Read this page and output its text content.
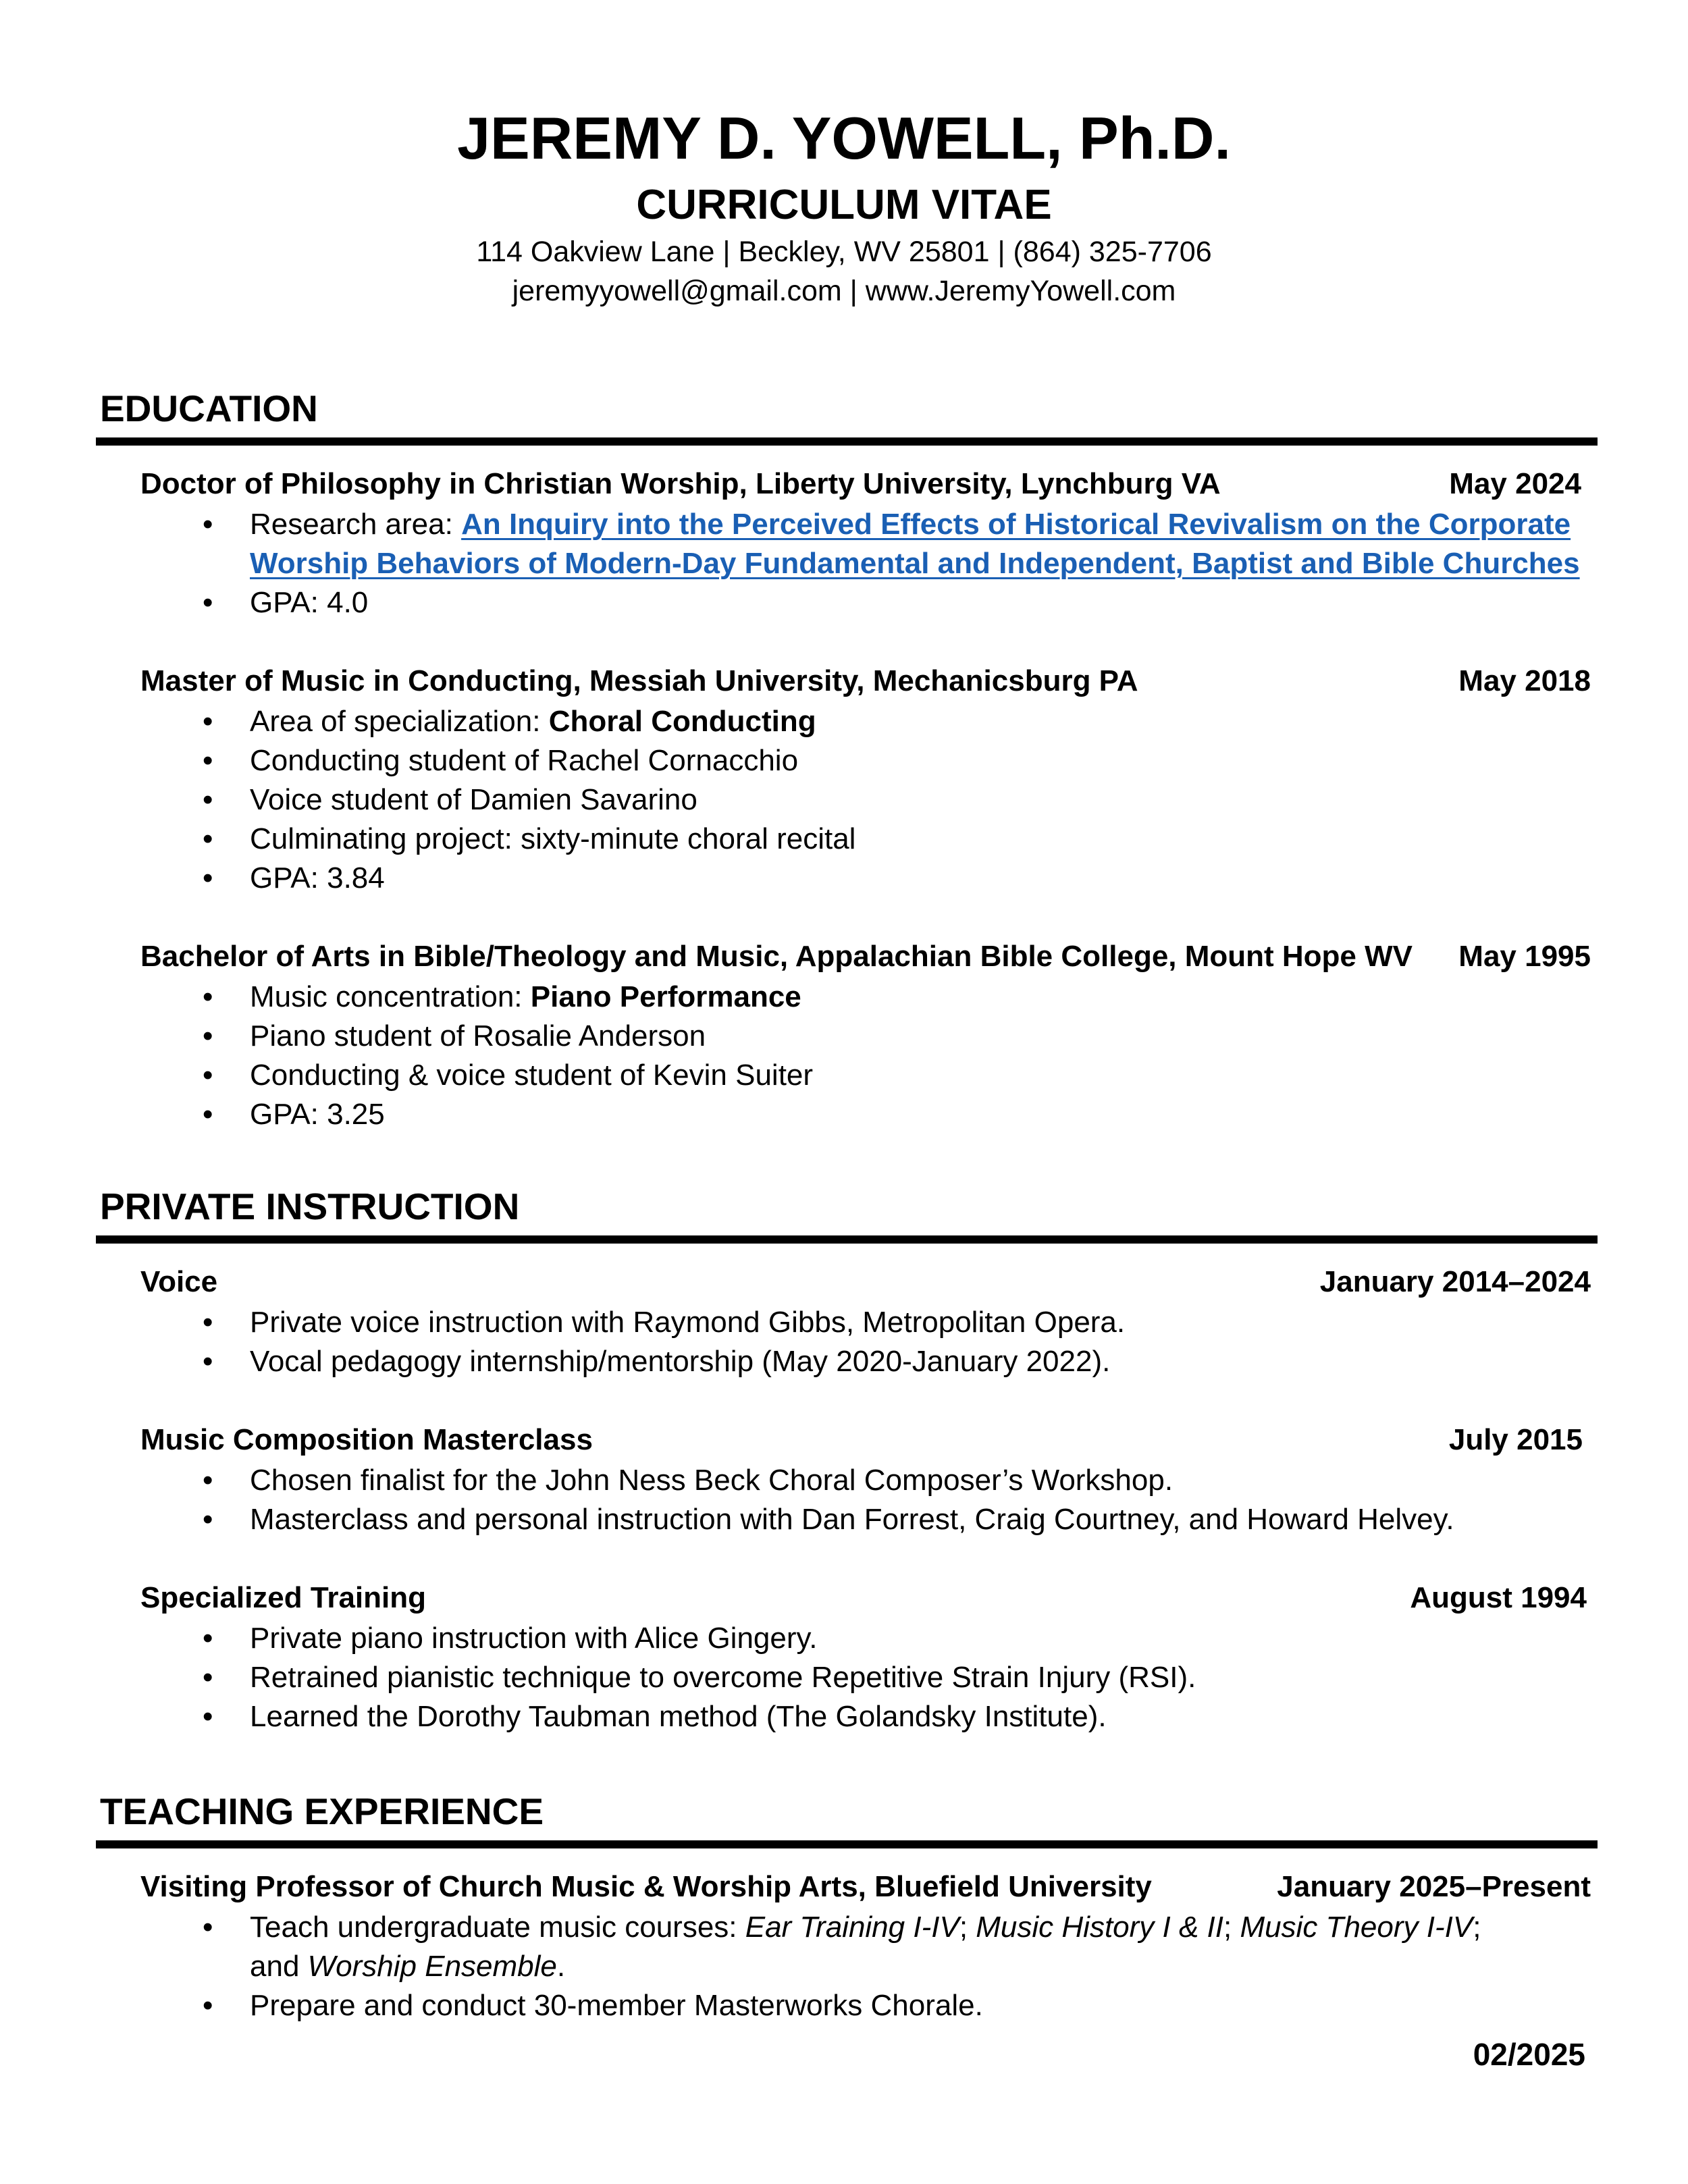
JEREMY D. YOWELL, Ph.D.
CURRICULUM VITAE
114 Oakview Lane | Beckley, WV 25801 | (864) 325-7706
jeremyyowell@gmail.com | www.JeremyYowell.com
EDUCATION
Doctor of Philosophy in Christian Worship, Liberty University, Lynchburg VA	May 2024
• Research area: An Inquiry into the Perceived Effects of Historical Revivalism on the Corporate
Worship Behaviors of Modern-Day Fundamental and Independent, Baptist and Bible Churches
• GPA: 4.0
Master of Music in Conducting, Messiah University, Mechanicsburg PA	May 2018
• Area of specialization: Choral Conducting
• Conducting student of Rachel Cornacchio
• Voice student of Damien Savarino
• Culminating project: sixty-minute choral recital
• GPA: 3.84
Bachelor of Arts in Bible/Theology and Music, Appalachian Bible College, Mount Hope WV May 1995
• Music concentration: Piano Performance
• Piano student of Rosalie Anderson
• Conducting & voice student of Kevin Suiter
• GPA: 3.25
PRIVATE INSTRUCTION
Voice	January 2014–2024
• Private voice instruction with Raymond Gibbs, Metropolitan Opera.
• Vocal pedagogy internship/mentorship (May 2020-January 2022).
Music Composition Masterclass	July 2015
• Chosen finalist for the John Ness Beck Choral Composer’s Workshop.
• Masterclass and personal instruction with Dan Forrest, Craig Courtney, and Howard Helvey.
Specialized Training	August 1994
• Private piano instruction with Alice Gingery.
• Retrained pianistic technique to overcome Repetitive Strain Injury (RSI).
• Learned the Dorothy Taubman method (The Golandsky Institute).
TEACHING EXPERIENCE
Visiting Professor of Church Music & Worship Arts, Bluefield University	January 2025–Present
• Teach undergraduate music courses: Ear Training I-IV; Music History I & II; Music Theory I-IV;
and Worship Ensemble.
• Prepare and conduct 30-member Masterworks Chorale.
02/2025
